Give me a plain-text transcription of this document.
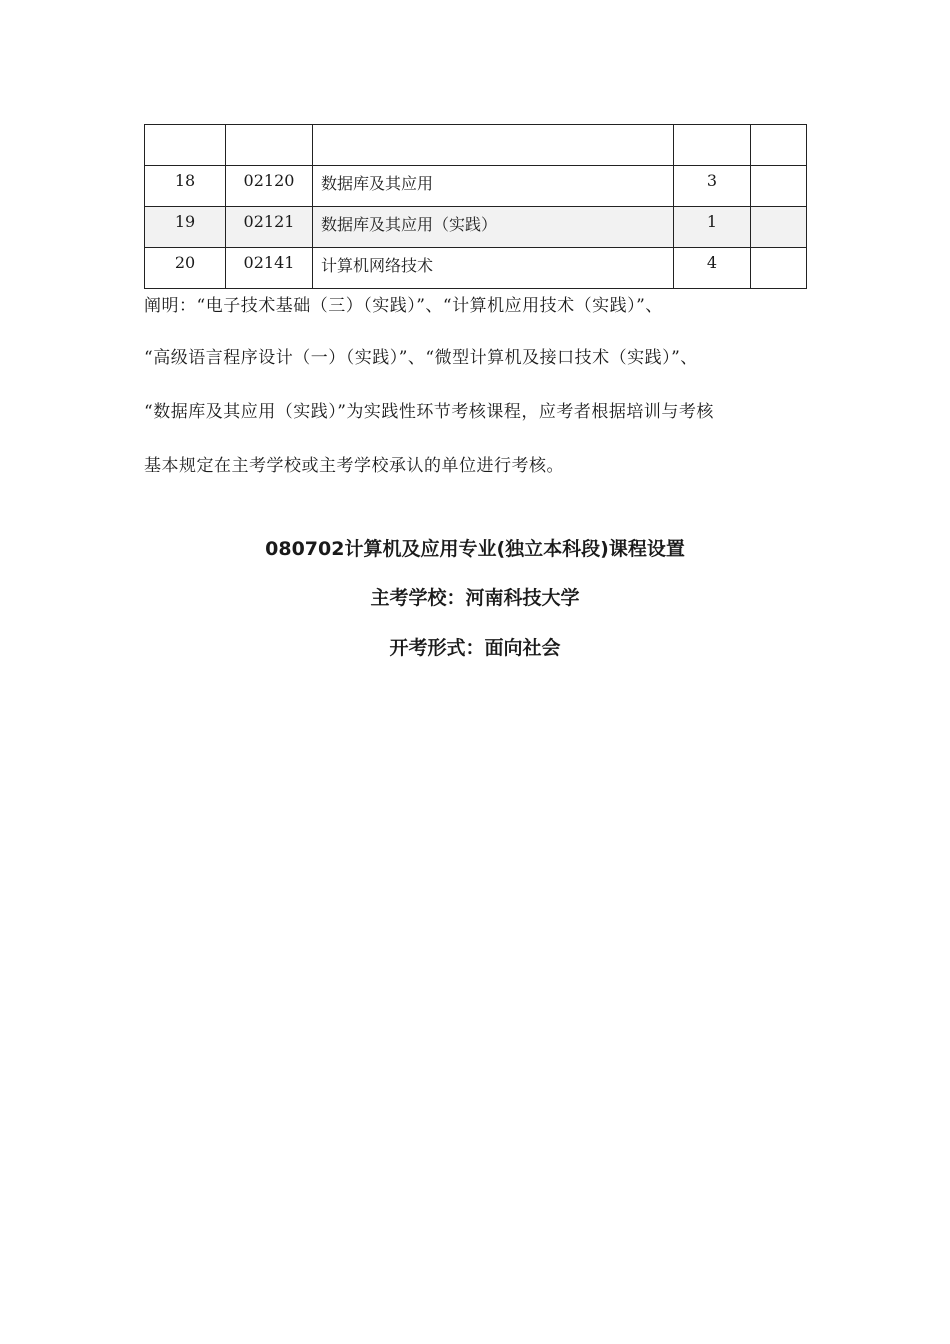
18	02120	数据库及其应用	3	

19	02121	数据库及其应用（实践）	1	

20	02141	计算机网络技术	4	

阐明：“电子技术基础（三）（实践）”、“计算机应用技术（实践）”、
“高级语言程序设计（一）（实践）”、“微型计算机及接口技术（实践）”、
“数据库及其应用（实践）”为实践性环节考核课程，应考者根据培训与考核
基本规定在主考学校或主考学校承认的单位进行考核。
080702计算机及应用专业(独立本科段)课程设置
主考学校：河南科技大学
开考形式：面向社会
